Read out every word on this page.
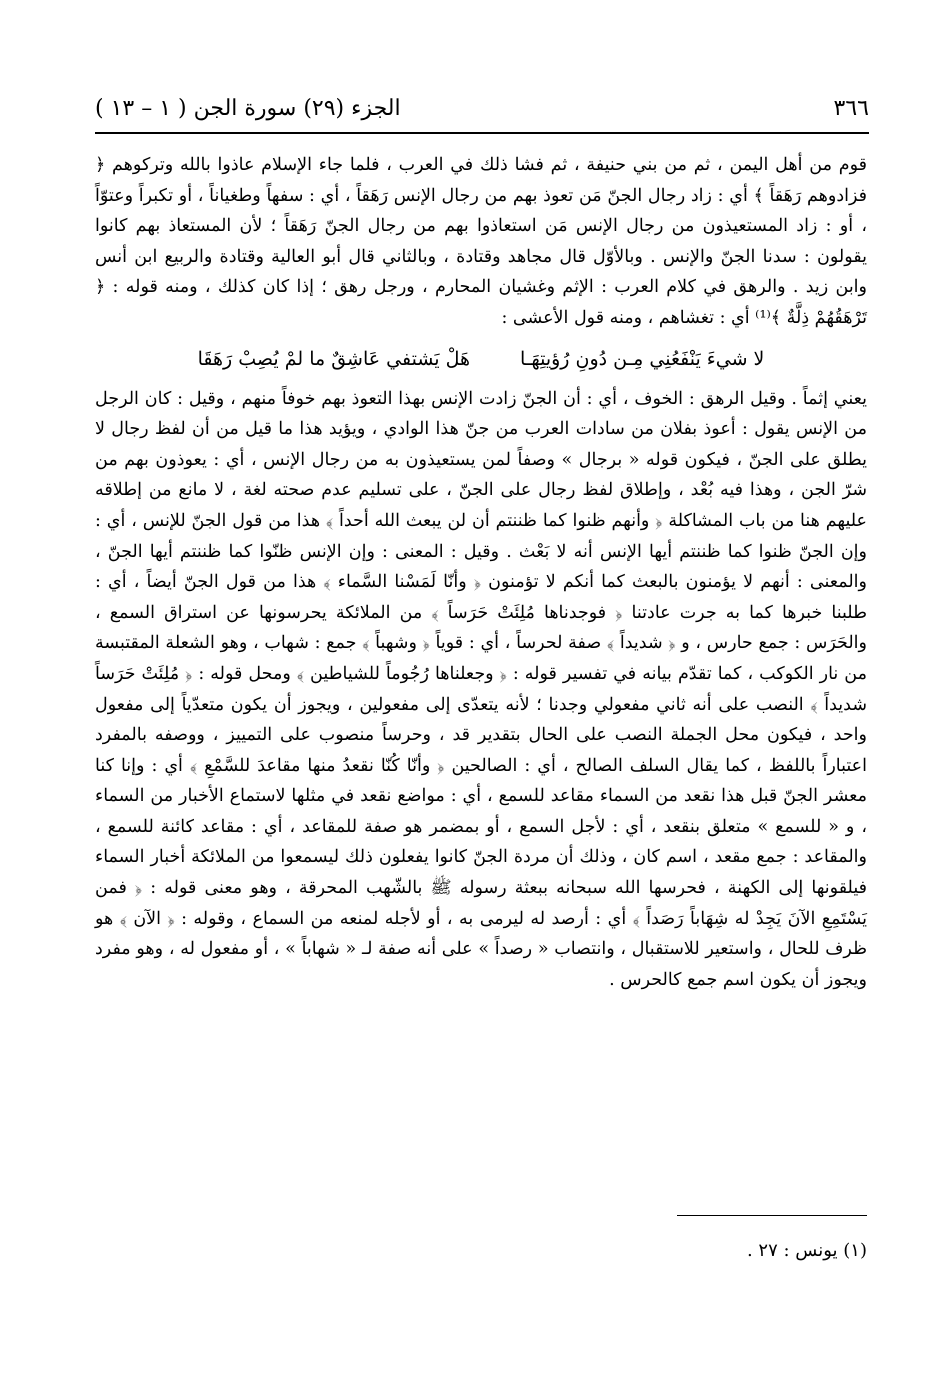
٣٦٦
الجزء (٢٩) سورة الجن ( ١ – ١٣ )

قوم من أهل اليمن ، ثم من بني حنيفة ، ثم فشا ذلك في العرب ، فلما جاء الإسلام عاذوا بالله وتركوهم ﴿ فزادوهم رَهَقاً ﴾ أي : زاد رجال الجنّ مَن تعوذ بهم من رجال الإنس رَهَقاً ، أي : سفهاً وطغياناً ، أو تكبراً وعتوّاً ، أو : زاد المستعيذون من رجال الإنس مَن استعاذوا بهم من رجال الجنّ رَهَقاً ؛ لأن المستعاذ بهم كانوا يقولون : سدنا الجنّ والإنس . وبالأوّل قال مجاهد وقتادة ، وبالثاني قال أبو العالية وقتادة والربيع ابن أنس وابن زيد . والرهق في كلام العرب : الإثم وغشيان المحارم ، ورجل رهق ؛ إذا كان كذلك ، ومنه قوله : ﴿ تَرْهَقُهُمْ ذِلَّةٌ ﴾⁽¹⁾ أي : تغشاهم ، ومنه قول الأعشى :

لا شيءَ يَنْفَعُنِي مِـن دُونِ رُؤيتِهَـا
هَلْ يَشتفي عَاشِقٌ ما لمْ يُصِبْ رَهَقَا

يعني إثماً . وقيل الرهق : الخوف ، أي : أن الجنّ زادت الإنس بهذا التعوذ بهم خوفاً منهم ، وقيل : كان الرجل من الإنس يقول : أعوذ بفلان من سادات العرب من جنّ هذا الوادي ، ويؤيد هذا ما قيل من أن لفظ رجال لا يطلق على الجنّ ، فيكون قوله « برجال » وصفاً لمن يستعيذون به من رجال الإنس ، أي : يعوذون بهم من شرّ الجن ، وهذا فيه بُعْد ، وإطلاق لفظ رجال على الجنّ ، على تسليم عدم صحته لغة ، لا مانع من إطلاقه عليهم هنا من باب المشاكلة ﴿ وأنهم ظنوا كما ظننتم أن لن يبعث الله أحداً ﴾ هذا من قول الجنّ للإنس ، أي : وإن الجنّ ظنوا كما ظننتم أيها الإنس أنه لا بَعْث . وقيل : المعنى : وإن الإنس ظنّوا كما ظننتم أيها الجنّ ، والمعنى : أنهم لا يؤمنون بالبعث كما أنكم لا تؤمنون ﴿ وأنّا لَمَسْنا السَّماء ﴾ هذا من قول الجنّ أيضاً ، أي : طلبنا خبرها كما به جرت عادتنا ﴿ فوجدناها مُلِئَتْ حَرَساً ﴾ من الملائكة يحرسونها عن استراق السمع ، والحَرَس : جمع حارس ، و ﴿ شديداً ﴾ صفة لحرساً ، أي : قوياً ﴿ وشهباً ﴾ جمع : شهاب ، وهو الشعلة المقتبسة من نار الكوكب ، كما تقدّم بيانه في تفسير قوله : ﴿ وجعلناها رُجُوماً للشياطين ﴾ ومحل قوله : ﴿ مُلِئَتْ حَرَساً شديداً ﴾ النصب على أنه ثاني مفعولي وجدنا ؛ لأنه يتعدّى إلى مفعولين ، ويجوز أن يكون متعدّياً إلى مفعول واحد ، فيكون محل الجملة النصب على الحال بتقدير قد ، وحرساً منصوب على التمييز ، ووصفه بالمفرد اعتباراً باللفظ ، كما يقال السلف الصالح ، أي : الصالحين ﴿ وأنّا كُنّا نقعدُ منها مقاعدَ للسَّمْعِ ﴾ أي : وإنا كنا معشر الجنّ قبل هذا نقعد من السماء مقاعد للسمع ، أي : مواضع نقعد في مثلها لاستماع الأخبار من السماء ، و « للسمع » متعلق بنقعد ، أي : لأجل السمع ، أو بمضمر هو صفة للمقاعد ، أي : مقاعد كائنة للسمع ، والمقاعد : جمع مقعد ، اسم كان ، وذلك أن مردة الجنّ كانوا يفعلون ذلك ليسمعوا من الملائكة أخبار السماء فيلقونها إلى الكهنة ، فحرسها الله سبحانه ببعثة رسوله ﷺ بالشّهب المحرقة ، وهو معنى قوله : ﴿ فمن يَسْتَمِعِ الآنَ يَجِدْ له شِهَاباً رَصَداً ﴾ أي : أرصد له ليرمى به ، أو لأجله لمنعه من السماع ، وقوله : ﴿ الآن ﴾ هو ظرف للحال ، واستعير للاستقبال ، وانتصاب « رصداً » على أنه صفة لـ « شهاباً » ، أو مفعول له ، وهو مفرد ويجوز أن يكون اسم جمع كالحرس .

(١) يونس : ٢٧ .
